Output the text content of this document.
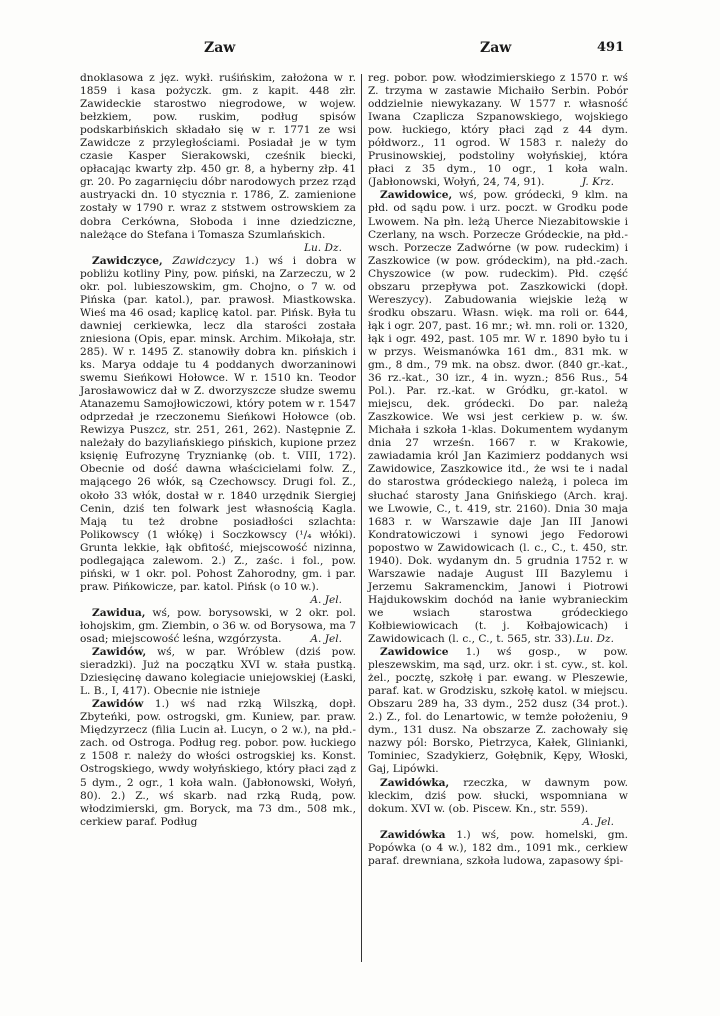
Zaw	Zaw	491

dnoklasowa z jęz. wykł. ruśińskim, założona w r. 1859 i kasa pożyczk. gm. z kapit. 448 złr. Zawideckie starostwo niegrodowe, w wojew. bełzkiem, pow. ruskim, podług spisów podskarbińskich składało się w r. 1771 ze wsi Zawidcze z przyległościami. Posiadał je w tym czasie Kasper Sierakowski, cześnik biecki, opłacając kwarty złp. 450 gr. 8, a hyberny złp. 41 gr. 20. Po zagarnięciu dóbr narodowych przez rząd austryacki dn. 10 stycznia r. 1786, Z. zamienione zostały w 1790 r. wraz z ststwem ostrowskiem za dobra Cerkówna, Słoboda i inne dziedziczne, należące do Stefana i Tomasza Szumlańskich.
Lu. Dz.

Zawidczyce, Zawidczycy 1.) wś i dobra w pobliżu kotliny Piny, pow. piński, na Zarzeczu, w 2 okr. pol. lubieszowskim, gm. Chojno, o 7 w. od Pińska (par. katol.), par. prawosł. Miastkowska. Wieś ma 46 osad; kaplicę katol. par. Pińsk. Była tu dawniej cerkiewka, lecz dla starości została zniesiona (Opis, epar. minsk. Archim. Mikołaja, str. 285). W r. 1495 Z. stanowiły dobra kn. pińskich i ks. Marya oddaje tu 4 poddanych dworzaninowi swemu Sieńkowi Hołowce. W r. 1510 kn. Teodor Jarosławowicz dał w Z. dworzyszcze słudze swemu Atanazemu Samojłowiczowi, który potem w r. 1547 odprzedał je rzeczonemu Sieńkowi Hołowce (ob. Rewizya Puszcz, str. 251, 261, 262). Następnie Z. należały do bazyliańskiego pińskich, kupione przez księnię Eufrozynę Tryzniankę (ob. t. VIII, 172). Obecnie od dość dawna właścicielami folw. Z., mającego 26 włók, są Czechowscy. Drugi fol. Z., około 33 włók, dostał w r. 1840 urzędnik Siergiej Cenin, dziś ten folwark jest własnością Kagla. Mają tu też drobne posiadłości szlachta: Polikowscy (1 włókę) i Soczkowscy (¹/₄ włóki). Grunta lekkie, łąk obfitość, miejscowość nizinna, podlegająca zalewom. 2.) Z., zaśc. i fol., pow. piński, w 1 okr. pol. Pohost Zahorodny, gm. i par. praw. Pińkowicze, par. katol. Pińsk (o 10 w.).
A. Jel.

Zawidua, wś, pow. borysowski, w 2 okr. pol. łohojskim, gm. Ziembin, o 36 w. od Borysowa, ma 7 osad; miejscowość leśna, wzgórzysta.	A. Jel.

Zawidów, wś, w par. Wróblew (dziś pow. sieradzki). Już na początku XVI w. stała pustką. Dziesięcinę dawano kolegiacie uniejowskiej (Łaski, L. B., I, 417). Obecnie nie istnieje

Zawidów 1.) wś nad rzką Wilszką, dopł. Zbyteńki, pow. ostrogski, gm. Kuniew, par. praw. Międzyrzecz (filia Lucin ał. Lucyn, o 2 w.), na płd.-zach. od Ostroga. Podług reg. pobor. pow. łuckiego z 1508 r. należy do włości ostrogskiej ks. Konst. Ostrogskiego, wwdy wołyńskiego, który płaci ząd z 5 dym., 2 ogr., 1 koła waln. (Jabłonowski, Wołyń, 80). 2.) Z., wś skarb. nad rzką Rudą, pow. włodzimierski, gm. Boryck, ma 73 dm., 508 mk., cerkiew paraf. Podług

reg. pobor. pow. włodzimierskiego z 1570 r. wś Z. trzyma w zastawie Michaiło Serbin. Pobór oddzielnie niewykazany. W 1577 r. własność Iwana Czaplicza Szpanowskiego, wojskiego pow. łuckiego, który płaci ząd z 44 dym. półdworz., 11 ogrod. W 1583 r. należy do Prusinowskiej, podstoliny wołyńskiej, która płaci z 35 dym., 10 ogr., 1 koła waln. (Jabłonowski, Wołyń, 24, 74, 91).	J. Krz.

Zawidowice, wś, pow. gródecki, 9 klm. na płd. od sądu pow. i urz. poczt. w Grodku pode Lwowem. Na płn. leżą Uherce Niezabitowskie i Czerlany, na wsch. Porzecze Gródeckie, na płd.-wsch. Porzecze Zadwórne (w pow. rudeckim) i Zaszkowice (w pow. gródeckim), na płd.-zach. Chyszowice (w pow. rudeckim). Płd. część obszaru przepływa pot. Zaszkowicki (dopł. Wereszycy). Zabudowania wiejskie leżą w środku obszaru. Własn. więk. ma roli or. 644, łąk i ogr. 207, past. 16 mr.; wł. mn. roli or. 1320, łąk i ogr. 492, past. 105 mr. W r. 1890 było tu i w przys. Weismanówka 161 dm., 831 mk. w gm., 8 dm., 79 mk. na obsz. dwor. (840 gr.-kat., 36 rz.-kat., 30 izr., 4 in. wyzn.; 856 Rus., 54 Pol.). Par. rz.-kat. w Gródku, gr.-katol. w miejscu, dek. gródecki. Do par. należą Zaszkowice. We wsi jest cerkiew p. w. św. Michała i szkoła 1-klas. Dokumentem wydanym dnia 27 wrześn. 1667 r. w Krakowie, zawiadamia król Jan Kazimierz poddanych wsi Zawidowice, Zaszkowice itd., że wsi te i nadal do starostwa gródeckiego należą, i poleca im słuchać starosty Jana Gnińskiego (Arch. kraj. we Lwowie, C., t. 419, str. 2160). Dnia 30 maja 1683 r. w Warszawie daje Jan III Janowi Kondratowiczowi i synowi jego Fedorowi popostwo w Zawidowicach (l. c., C., t. 450, str. 1940). Dok. wydanym dn. 5 grudnia 1752 r. w Warszawie nadaje August III Bazylemu i Jerzemu Sakramenckim, Janowi i Piotrowi Hajdukowskim dochód na łanie wybranieckim we wsiach starostwa gródeckiego Kołbiewiowicach (t. j. Kołbajowicach) i Zawidowicach (l. c., C., t. 565, str. 33). Lu. Dz.

Zawidowice 1.) wś gosp., w pow. pleszewskim, ma sąd, urz. okr. i st. cyw., st. kol. żel., pocztę, szkołę i par. ewang. w Pleszewie, paraf. kat. w Grodzisku, szkołę katol. w miejscu. Obszaru 289 ha, 33 dym., 252 dusz (34 prot.). 2.) Z., fol. do Lenartowic, w temże położeniu, 9 dym., 131 dusz. Na obszarze Z. zachowały się nazwy pól: Borsko, Pietrzyca, Kałek, Glinianki, Tominiec, Szadykierz, Gołębnik, Kępy, Włoski, Gaj, Lipówki.

Zawidówka, rzeczka, w dawnym pow. kleckim, dziś pow. słucki, wspomniana w dokum. XVI w. (ob. Piscew. Kn., str. 559).
A. Jel.

Zawidówka 1.) wś, pow. homelski, gm. Popówka (o 4 w.), 182 dm., 1091 mk., cerkiew paraf. drewniana, szkoła ludowa, zapasowy śpi-
